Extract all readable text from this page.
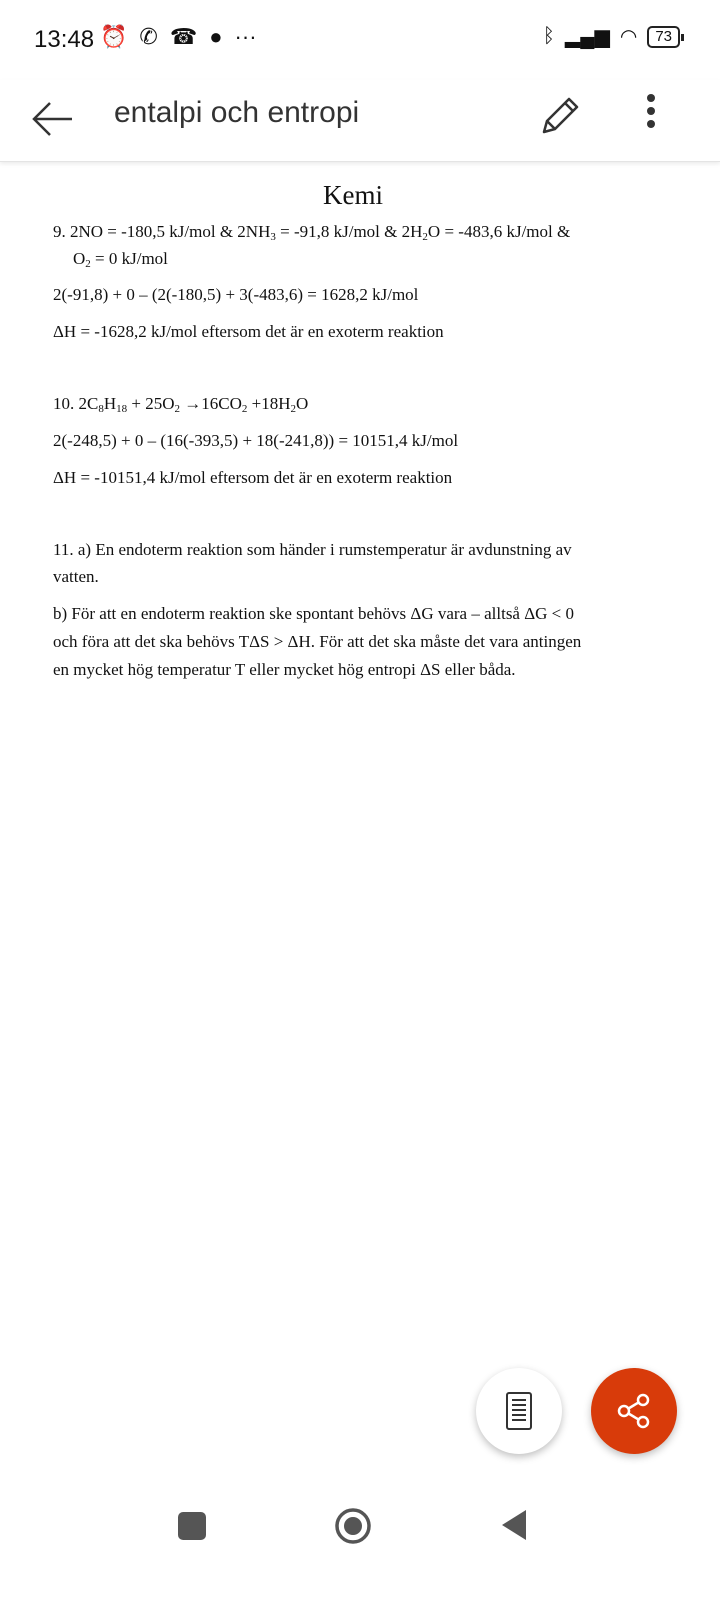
13:48 ⏰ ✆ ☎ ● ···	ᛒ ▂▄▆ ◠	73
entalpi och entropi
Kemi
9. 2NO = -180,5 kJ/mol & $2NH_3 = -91,8$ kJ/mol & $2H_2O = -483,6$ kJ/mol &
$O_2 = 0$ kJ/mol
2(-91,8) + 0 – (2(-180,5) + 3(-483,6) = 1628,2 kJ/mol
ΔH = -1628,2 kJ/mol eftersom det är en exoterm reaktion
10. $2C_8H_{18} + 25O_2 \to 16CO_2 +18H_2O$
2(-248,5) + 0 – (16(-393,5) + 18(-241,8)) = 10151,4 kJ/mol
ΔH = -10151,4 kJ/mol eftersom det är en exoterm reaktion
11. a) En endoterm reaktion som händer i rumstemperatur är avdunstning av
vatten.
b) För att en endoterm reaktion ske spontant behövs ΔG vara – alltså ΔG < 0
och föra att det ska behövs TΔS > ΔH. För att det ska måste det vara antingen
en mycket hög temperatur T eller mycket hög entropi ΔS eller båda.
